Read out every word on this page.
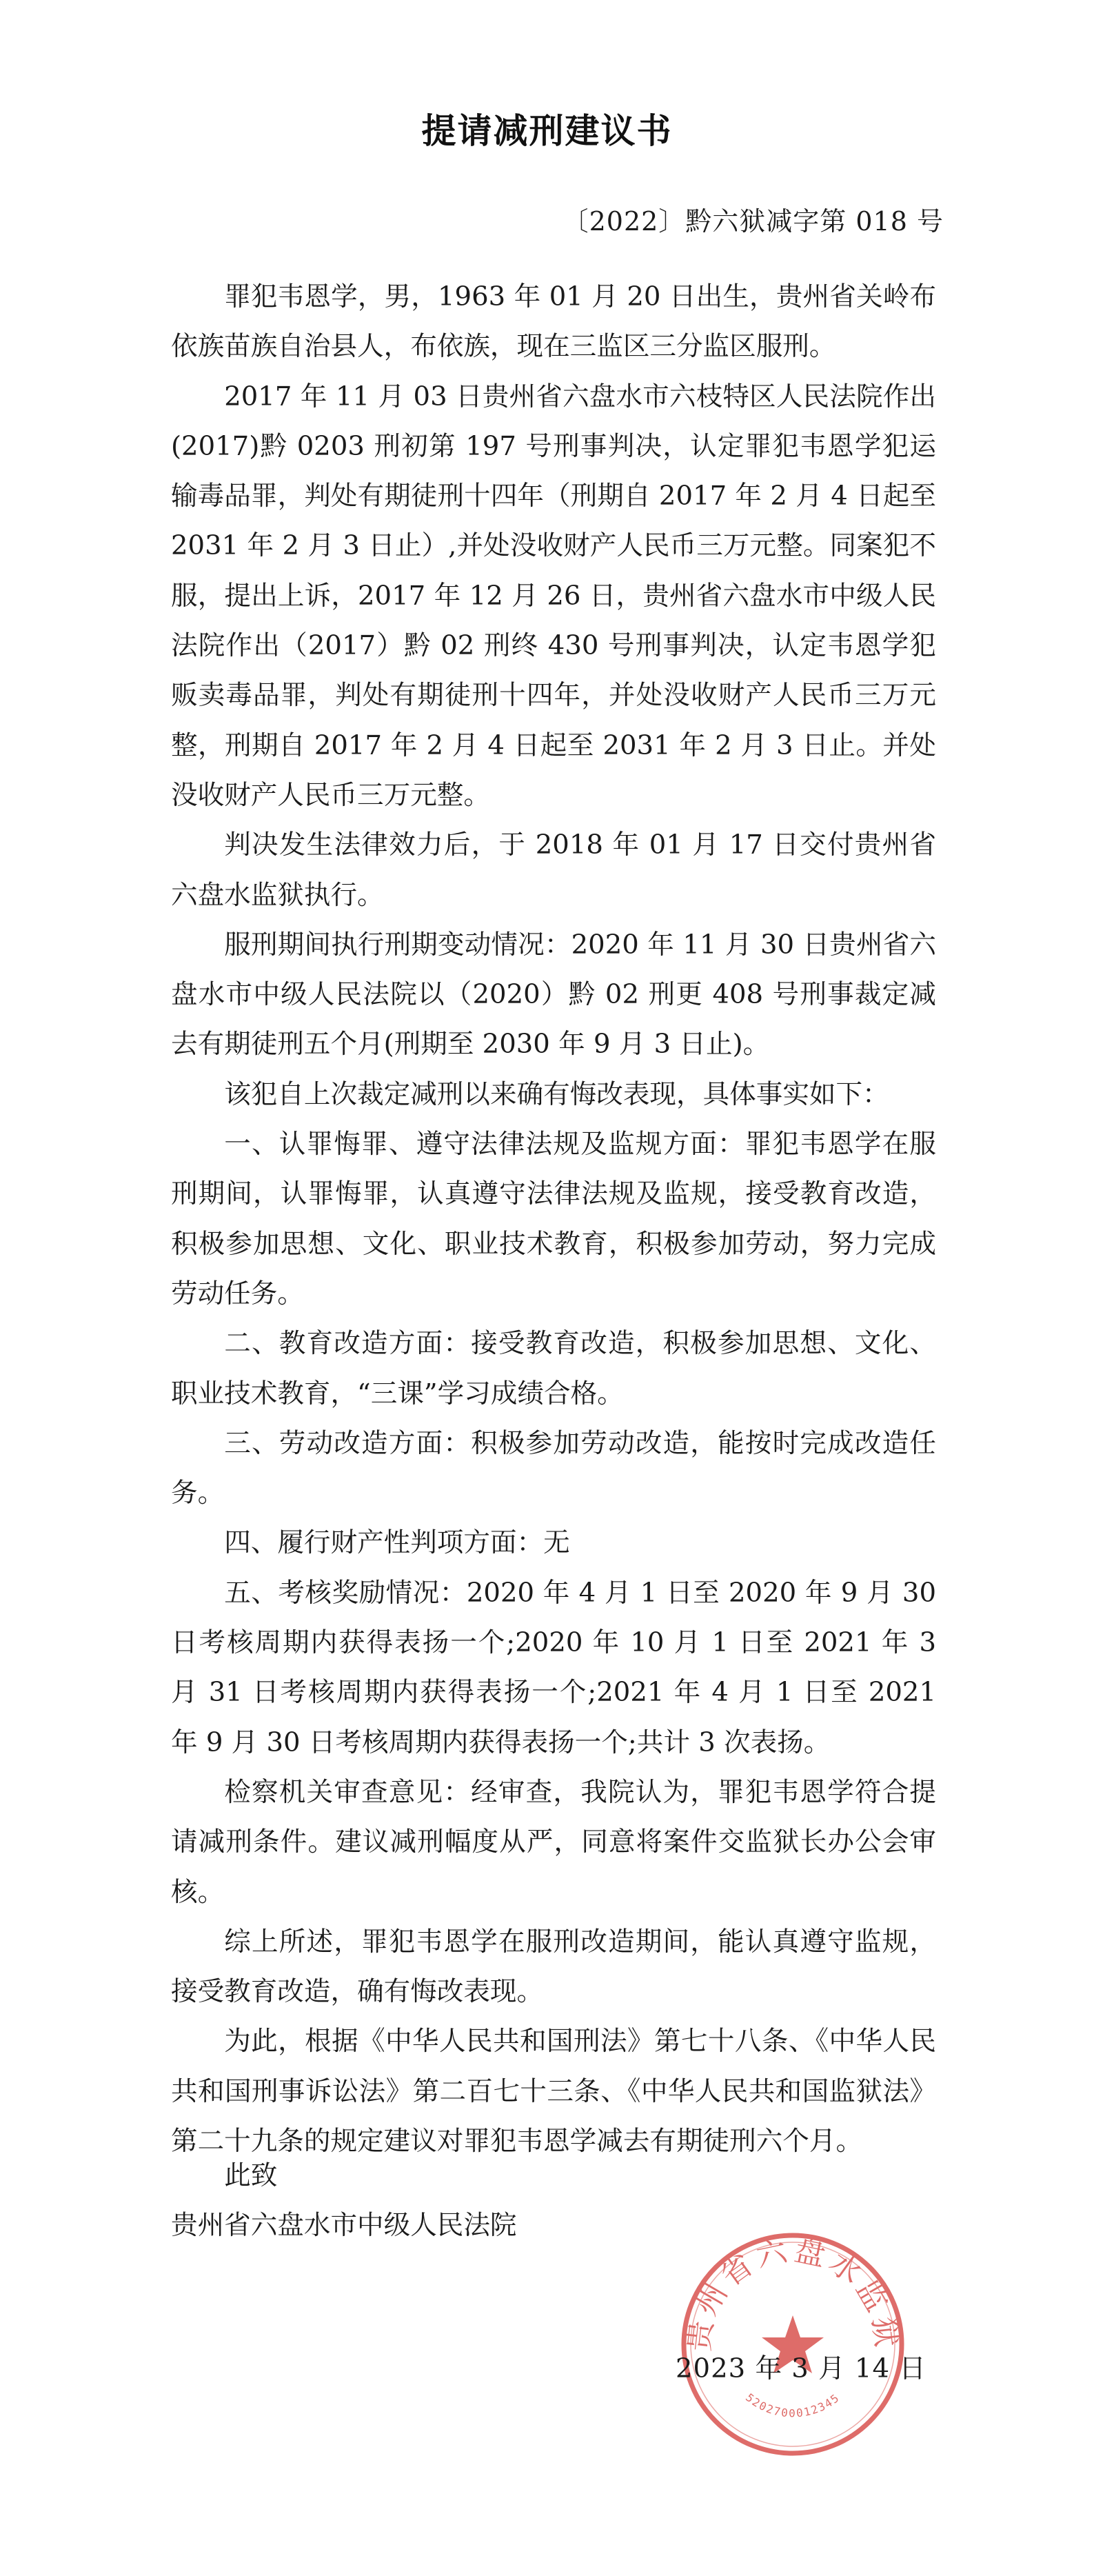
提请减刑建议书
〔2022〕黔六狱减字第 018 号

罪犯韦恩学，男，1963 年 01 月 20 日出生，贵州省关岭布依族苗族自治县人，布依族，现在三监区三分监区服刑。

2017 年 11 月 03 日贵州省六盘水市六枝特区人民法院作出(2017)黔 0203 刑初第 197 号刑事判决，认定罪犯韦恩学犯运输毒品罪，判处有期徒刑十四年（刑期自 2017 年 2 月 4 日起至 2031 年 2 月 3 日止）,并处没收财产人民币三万元整。同案犯不服，提出上诉，2017 年 12 月 26 日，贵州省六盘水市中级人民法院作出（2017）黔 02 刑终 430 号刑事判决，认定韦恩学犯贩卖毒品罪，判处有期徒刑十四年，并处没收财产人民币三万元整，刑期自 2017 年 2 月 4 日起至 2031 年 2 月 3 日止。并处没收财产人民币三万元整。

判决发生法律效力后，于 2018 年 01 月 17 日交付贵州省六盘水监狱执行。

服刑期间执行刑期变动情况：2020 年 11 月 30 日贵州省六盘水市中级人民法院以（2020）黔 02 刑更 408 号刑事裁定减去有期徒刑五个月(刑期至 2030 年 9 月 3 日止)。

该犯自上次裁定减刑以来确有悔改表现，具体事实如下：

一、认罪悔罪、遵守法律法规及监规方面：罪犯韦恩学在服刑期间，认罪悔罪，认真遵守法律法规及监规，接受教育改造，积极参加思想、文化、职业技术教育，积极参加劳动，努力完成劳动任务。

二、教育改造方面：接受教育改造，积极参加思想、文化、职业技术教育，“三课”学习成绩合格。

三、劳动改造方面：积极参加劳动改造，能按时完成改造任务。

四、履行财产性判项方面：无

五、考核奖励情况：2020 年 4 月 1 日至 2020 年 9 月 30 日考核周期内获得表扬一个;2020 年 10 月 1 日至 2021 年 3 月 31 日考核周期内获得表扬一个;2021 年 4 月 1 日至 2021 年 9 月 30 日考核周期内获得表扬一个;共计 3 次表扬。

检察机关审查意见：经审查，我院认为，罪犯韦恩学符合提请减刑条件。建议减刑幅度从严，同意将案件交监狱长办公会审核。

综上所述，罪犯韦恩学在服刑改造期间，能认真遵守监规，接受教育改造，确有悔改表现。

为此，根据《中华人民共和国刑法》第七十八条、《中华人民共和国刑事诉讼法》第二百七十三条、《中华人民共和国监狱法》第二十九条的规定建议对罪犯韦恩学减去有期徒刑六个月。

此致
贵州省六盘水市中级人民法院
贵州省六盘水监狱
5202700012345
2023 年 3 月 14 日
